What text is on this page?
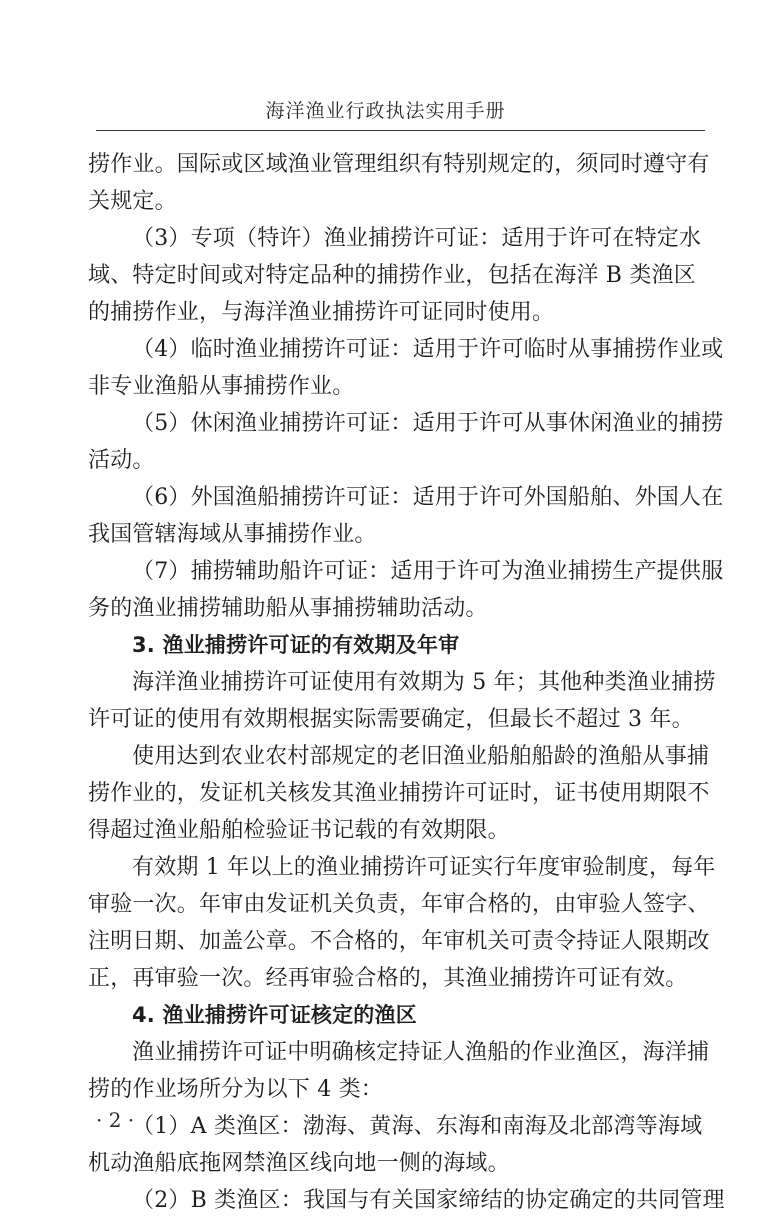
海洋渔业行政执法实用手册
捞作业。国际或区域渔业管理组织有特别规定的，须同时遵守有
关规定。
（3）专项（特许）渔业捕捞许可证：适用于许可在特定水
域、特定时间或对特定品种的捕捞作业，包括在海洋 B 类渔区
的捕捞作业，与海洋渔业捕捞许可证同时使用。
（4）临时渔业捕捞许可证：适用于许可临时从事捕捞作业或
非专业渔船从事捕捞作业。
（5）休闲渔业捕捞许可证：适用于许可从事休闲渔业的捕捞
活动。
（6）外国渔船捕捞许可证：适用于许可外国船舶、外国人在
我国管辖海域从事捕捞作业。
（7）捕捞辅助船许可证：适用于许可为渔业捕捞生产提供服
务的渔业捕捞辅助船从事捕捞辅助活动。
3. 渔业捕捞许可证的有效期及年审
海洋渔业捕捞许可证使用有效期为 5 年；其他种类渔业捕捞
许可证的使用有效期根据实际需要确定，但最长不超过 3 年。
使用达到农业农村部规定的老旧渔业船舶船龄的渔船从事捕
捞作业的，发证机关核发其渔业捕捞许可证时，证书使用期限不
得超过渔业船舶检验证书记载的有效期限。
有效期 1 年以上的渔业捕捞许可证实行年度审验制度，每年
审验一次。年审由发证机关负责，年审合格的，由审验人签字、
注明日期、加盖公章。不合格的，年审机关可责令持证人限期改
正，再审验一次。经再审验合格的，其渔业捕捞许可证有效。
4. 渔业捕捞许可证核定的渔区
渔业捕捞许可证中明确核定持证人渔船的作业渔区，海洋捕
捞的作业场所分为以下 4 类：
（1）A 类渔区：渤海、黄海、东海和南海及北部湾等海域
机动渔船底拖网禁渔区线向地一侧的海域。
（2）B 类渔区：我国与有关国家缔结的协定确定的共同管理
· 2 ·
